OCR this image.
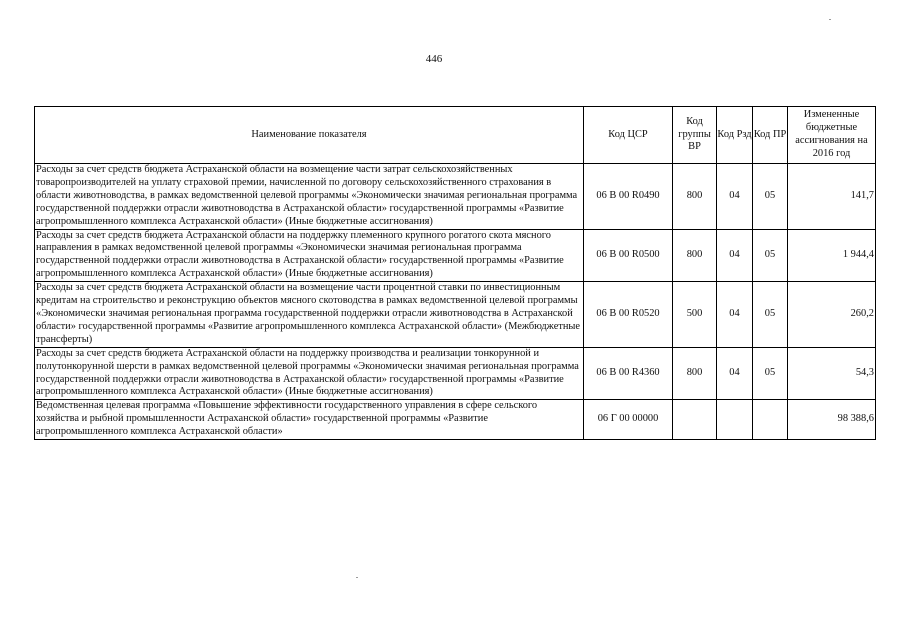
446
Наименование показателя	Код ЦСР	Код группы ВР	Код Рзд	Код ПР	Измененные бюджетные ассигнования на 2016 год
Расходы за счет средств бюджета Астраханской области на возмещение части затрат сельскохозяйственных товаропроизводителей на уплату страховой премии, начисленной по договору сельскохозяйственного страхования в области животноводства, в рамках ведомственной целевой программы «Экономически значимая региональная программа государственной поддержки отрасли животноводства в Астраханской области» государственной программы «Развитие агропромышленного комплекса Астраханской области» (Иные бюджетные ассигнования)	06 В 00 R0490	800	04	05	141,7
Расходы за счет средств бюджета Астраханской области на поддержку племенного крупного рогатого скота мясного направления в рамках ведомственной целевой программы «Экономически значимая региональная программа государственной поддержки отрасли животноводства в Астраханской области» государственной программы «Развитие агропромышленного комплекса Астраханской области» (Иные бюджетные ассигнования)	06 В 00 R0500	800	04	05	1 944,4
Расходы за счет средств бюджета Астраханской области на возмещение части процентной ставки по инвестиционным кредитам на строительство и реконструкцию объектов мясного скотоводства в рамках ведомственной целевой программы «Экономически значимая региональная программа государственной поддержки отрасли животноводства в Астраханской области» государственной программы «Развитие агропромышленного комплекса Астраханской области» (Межбюджетные трансферты)	06 В 00 R0520	500	04	05	260,2
Расходы за счет средств бюджета Астраханской области на поддержку производства и реализации тонкорунной и полутонкорунной шерсти в рамках ведомственной целевой программы «Экономически значимая региональная программа государственной поддержки отрасли животноводства в Астраханской области» государственной программы «Развитие агропромышленного комплекса Астраханской области» (Иные бюджетные ассигнования)	06 В 00 R4360	800	04	05	54,3
Ведомственная целевая программа «Повышение эффективности государственного управления в сфере сельского хозяйства и рыбной промышленности Астраханской области» государственной программы «Развитие агропромышленного комплекса Астраханской области»	06 Г 00 00000				98 388,6
